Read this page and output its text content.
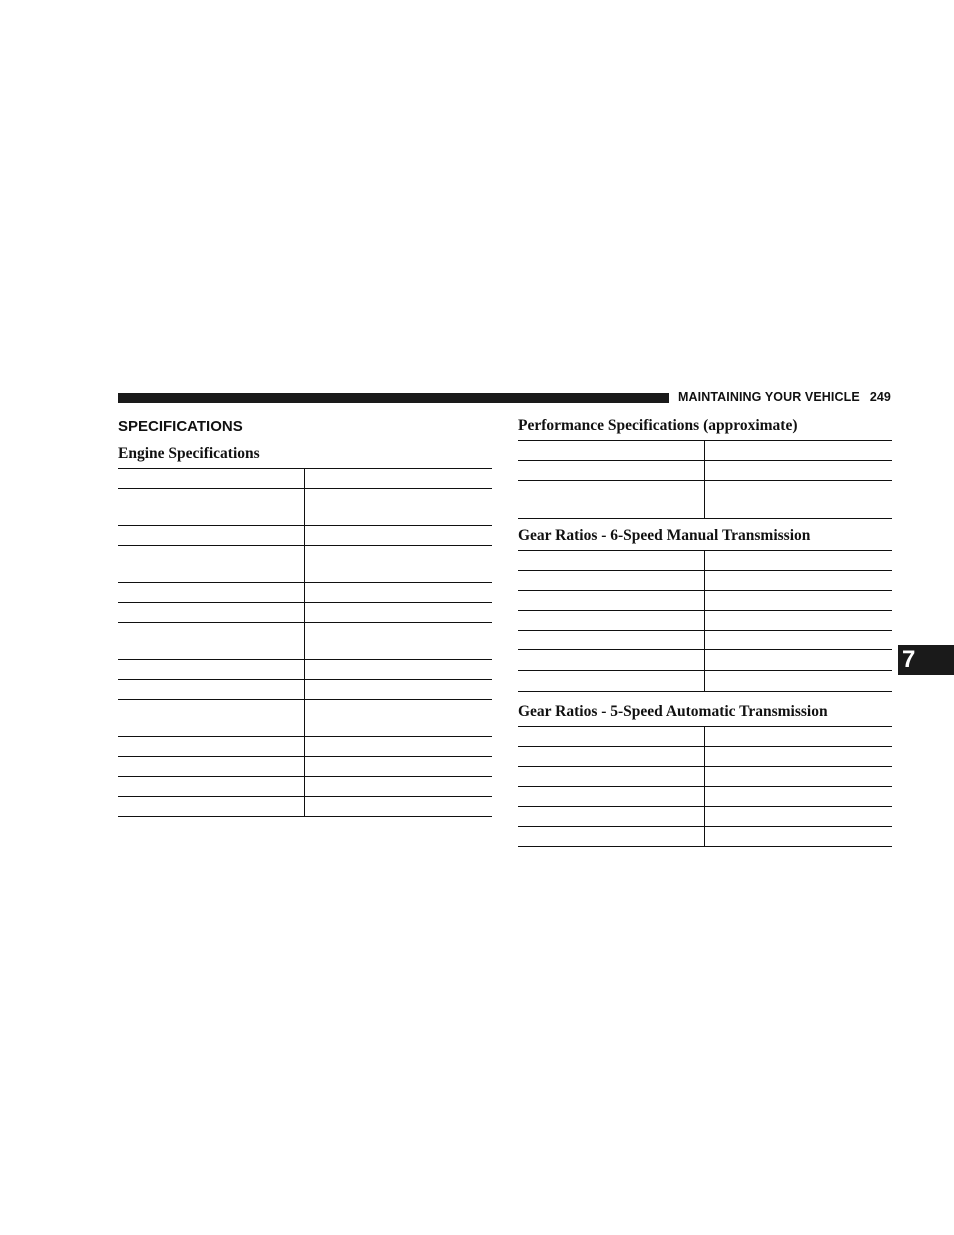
MAINTAINING YOUR VEHICLE 249
SPECIFICATIONS
Engine Specifications

Performance Specifications (approximate)

Gear Ratios - 6-Speed Manual Transmission

Gear Ratios - 5-Speed Automatic Transmission

7
